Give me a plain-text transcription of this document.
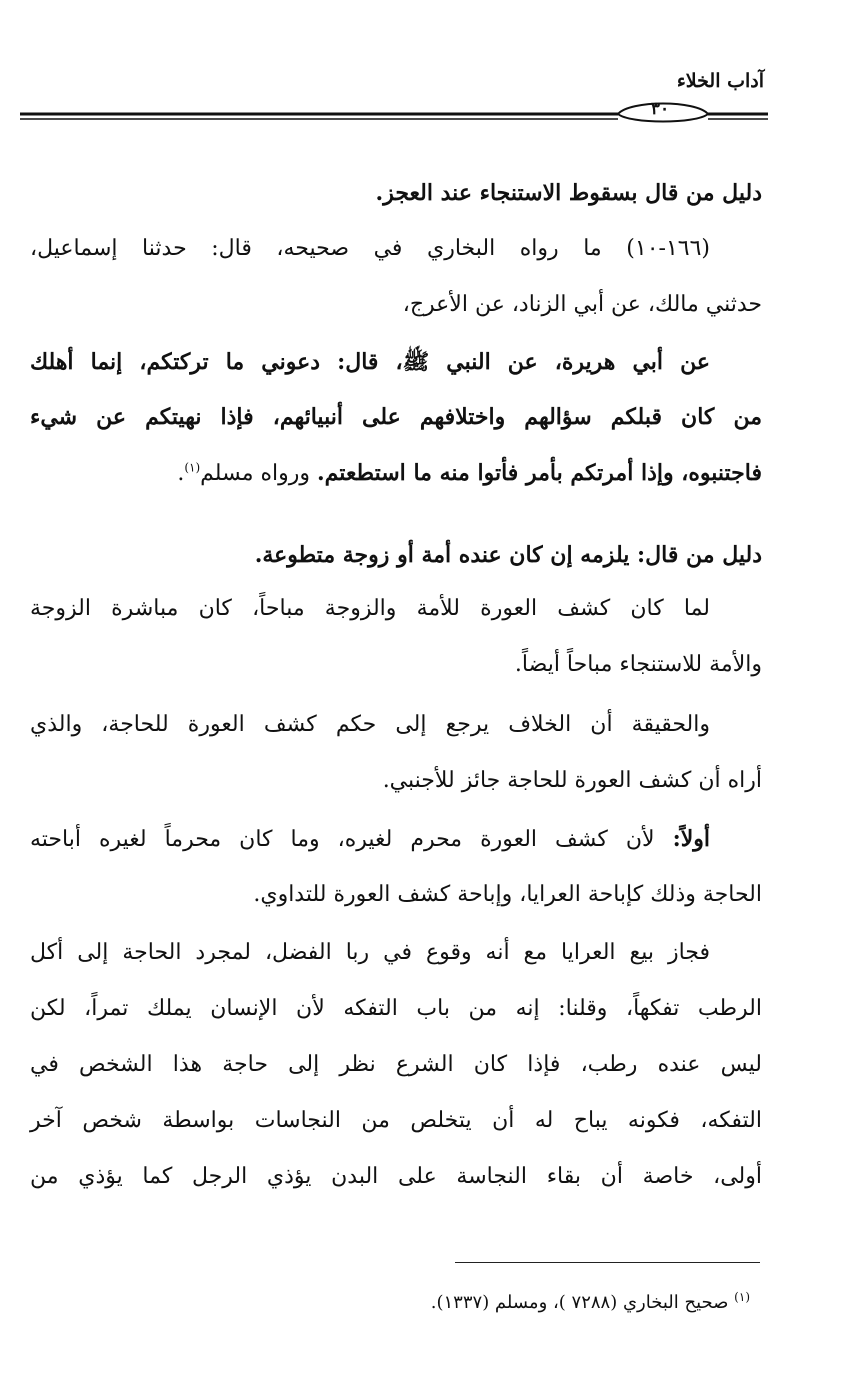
آداب الخلاء
٣٠
دليل من قال بسقوط الاستنجاء عند العجز.
(١٦٦-١٠) ما رواه البخاري في صحيحه، قال: حدثنا إسماعيل،
حدثني مالك، عن أبي الزناد، عن الأعرج،
عن أبي هريرة، عن النبي ﷺ، قال: دعوني ما تركتكم، إنما أهلك
من كان قبلكم سؤالهم واختلافهم على أنبيائهم، فإذا نهيتكم عن شيء
فاجتنبوه، وإذا أمرتكم بأمر فأتوا منه ما استطعتم. ورواه مسلم$^{(١)}$.
دليل من قال: يلزمه إن كان عنده أمة أو زوجة متطوعة.
لما كان كشف العورة للأمة والزوجة مباحاً، كان مباشرة الزوجة
والأمة للاستنجاء مباحاً أيضاً.
والحقيقة أن الخلاف يرجع إلى حكم كشف العورة للحاجة، والذي
أراه أن كشف العورة للحاجة جائز للأجنبي.
أولاً: لأن كشف العورة محرم لغيره، وما كان محرماً لغيره أباحته
الحاجة وذلك كإباحة العرايا، وإباحة كشف العورة للتداوي.
فجاز بيع العرايا مع أنه وقوع في ربا الفضل، لمجرد الحاجة إلى أكل
الرطب تفكهاً، وقلنا: إنه من باب التفكه لأن الإنسان يملك تمراً، لكن
ليس عنده رطب، فإذا كان الشرع نظر إلى حاجة هذا الشخص في
التفكه، فكونه يباح له أن يتخلص من النجاسات بواسطة شخص آخر
أولى، خاصة أن بقاء النجاسة على البدن يؤذي الرجل كما يؤذي من
$^{(١)}$ صحيح البخاري (٧٢٨٨ )، ومسلم (١٣٣٧).
